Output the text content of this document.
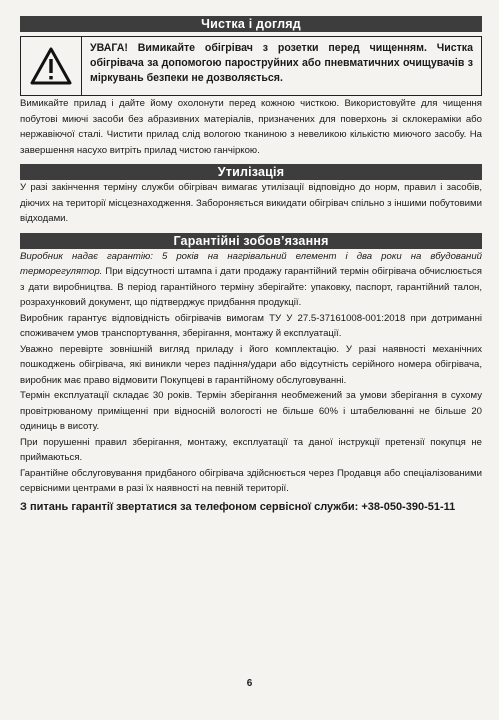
Чистка і догляд
УВАГА! Вимикайте обігрівач з розетки перед чищенням. Чистка обігрівача за допомогою пароструйних або пневматичних очищувачів з міркувань безпеки не дозволяється.

Вимикайте прилад і дайте йому охолонути перед кожною чисткою. Використовуйте для чищення побутові миючі засоби без абразивних матеріалів, призначених для поверхонь зі склокераміки або нержавіючої сталі. Чистити прилад слід вологою тканиною з невеликою кількістю миючого засобу. На завершення насухо витріть прилад чистою ганчіркою.

Утилізація

У разі закінчення терміну служби обігрівач вимагає утилізації відповідно до норм, правил і засобів, діючих на території місцезнаходження. Забороняється викидати обігрівач спільно з іншими побутовими відходами.

Гарантійні зобов’язання

Виробник надає гарантію: 5 років на нагрівальний елемент і два роки на вбудований терморегулятор. При відсутності штампа і дати продажу гарантійний термін обігрівача обчислюється з дати виробництва. В період гарантійного терміну зберігайте: упаковку, паспорт, гарантійний талон, розрахунковий документ, що підтверджує придбання продукції.

Виробник гарантує відповідність обігрівачів вимогам ТУ У 27.5-37161008-001:2018 при дотриманні споживачем умов транспортування, зберігання, монтажу й експлуатації.

Уважно перевірте зовнішній вигляд приладу і його комплектацію. У разі наявності механічних пошкоджень обігрівача, які виникли через падіння/удари або відсутність серійного номера обігрівача, виробник має право відмовити Покупцеві в гарантійному обслуговуванні.

Термін експлуатації складає 30 років. Термін зберігання необмежений за умови зберігання в сухому провітрюваному приміщенні при відносній вологості не більше 60% і штабелюванні не більше 20 одиниць в висоту.

При порушенні правил зберігання, монтажу, експлуатації та даної інструкції претензії покупця не приймаються.

Гарантійне обслуговування придбаного обігрівача здійснюється через Продавця або спеціалізованими сервісними центрами в разі їх наявності на певній території.

З питань гарантії звертатися за телефоном сервісної служби: +38-050-390-51-11

6
